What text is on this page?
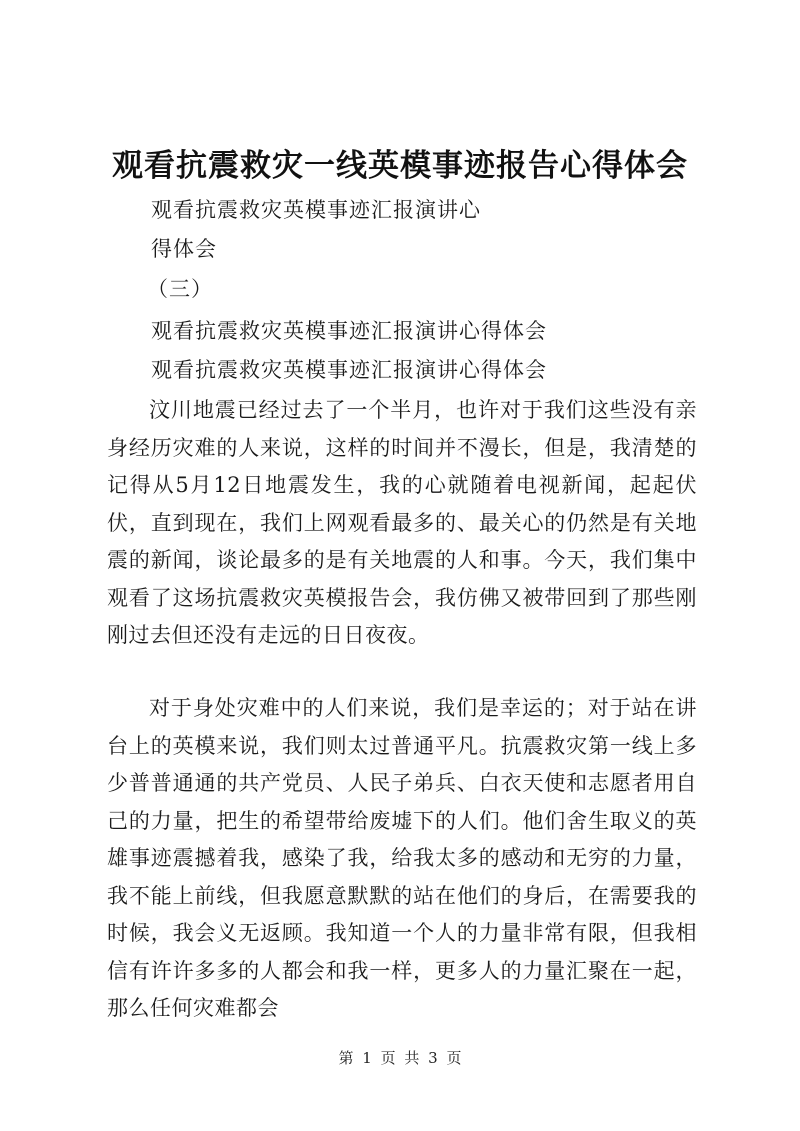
观看抗震救灾一线英模事迹报告心得体会
观看抗震救灾英模事迹汇报演讲心
得体会
（三）
观看抗震救灾英模事迹汇报演讲心得体会
观看抗震救灾英模事迹汇报演讲心得体会

汶川地震已经过去了一个半月，也许对于我们这些没有亲身经历灾难的人来说，这样的时间并不漫长，但是，我清楚的记得从5月12日地震发生，我的心就随着电视新闻，起起伏伏，直到现在，我们上网观看最多的、最关心的仍然是有关地震的新闻，谈论最多的是有关地震的人和事。今天，我们集中观看了这场抗震救灾英模报告会，我仿佛又被带回到了那些刚刚过去但还没有走远的日日夜夜。

对于身处灾难中的人们来说，我们是幸运的；对于站在讲台上的英模来说，我们则太过普通平凡。抗震救灾第一线上多少普普通通的共产党员、人民子弟兵、白衣天使和志愿者用自己的力量，把生的希望带给废墟下的人们。他们舍生取义的英雄事迹震撼着我，感染了我，给我太多的感动和无穷的力量，我不能上前线，但我愿意默默的站在他们的身后，在需要我的时候，我会义无返顾。我知道一个人的力量非常有限，但我相信有许许多多的人都会和我一样，更多人的力量汇聚在一起，那么任何灾难都会

第 1 页 共 3 页
